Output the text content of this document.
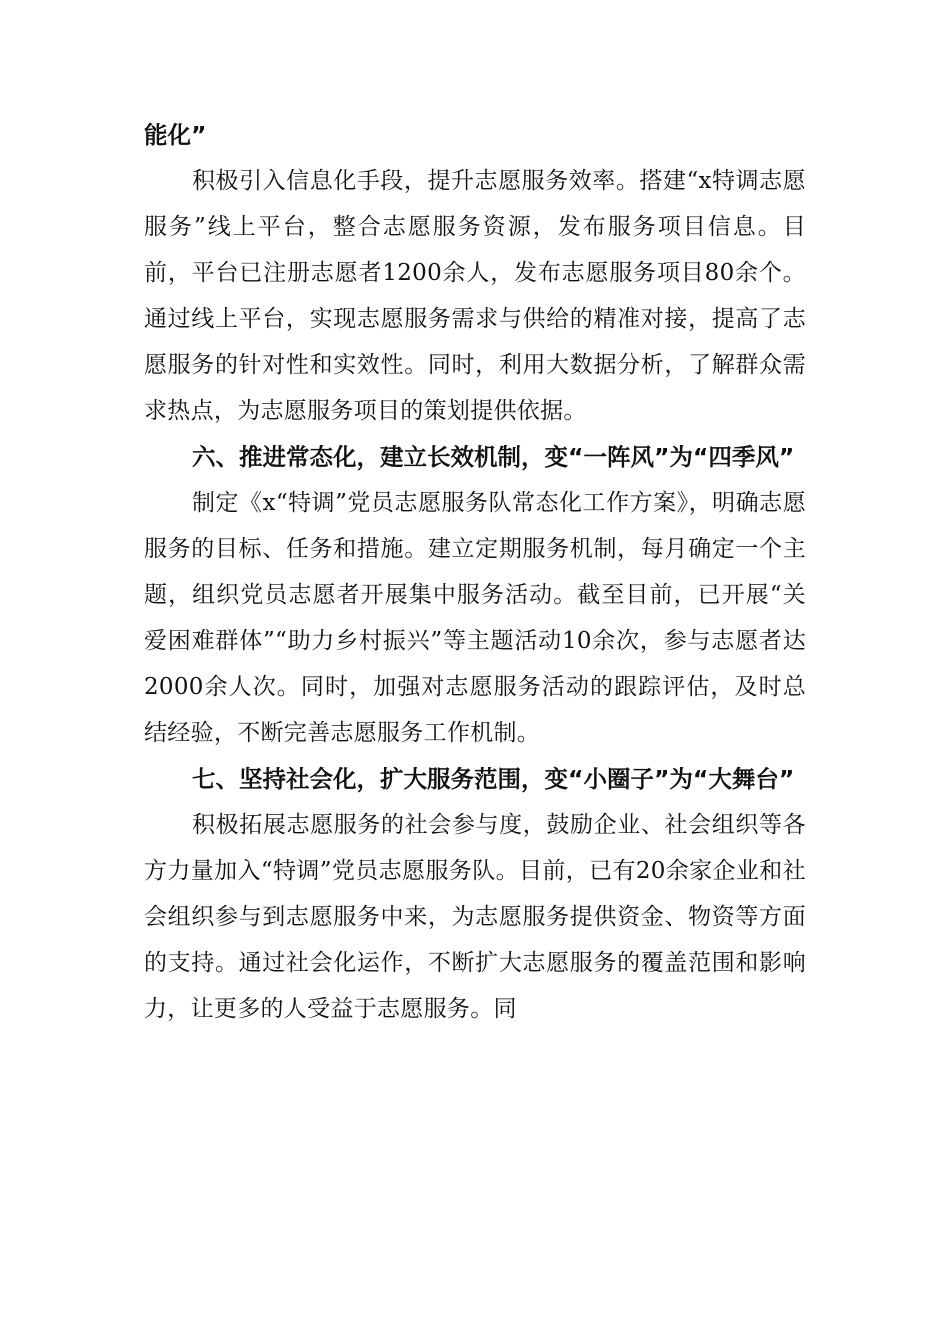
能化”

积极引入信息化手段，提升志愿服务效率。搭建“x特调志愿服务”线上平台，整合志愿服务资源，发布服务项目信息。目前，平台已注册志愿者1200余人，发布志愿服务项目80余个。通过线上平台，实现志愿服务需求与供给的精准对接，提高了志愿服务的针对性和实效性。同时，利用大数据分析，了解群众需求热点，为志愿服务项目的策划提供依据。

六、推进常态化，建立长效机制，变“一阵风”为“四季风”

制定《x“特调”党员志愿服务队常态化工作方案》，明确志愿服务的目标、任务和措施。建立定期服务机制，每月确定一个主题，组织党员志愿者开展集中服务活动。截至目前，已开展“关爱困难群体”“助力乡村振兴”等主题活动10余次，参与志愿者达2000余人次。同时，加强对志愿服务活动的跟踪评估，及时总结经验，不断完善志愿服务工作机制。

七、坚持社会化，扩大服务范围，变“小圈子”为“大舞台”

积极拓展志愿服务的社会参与度，鼓励企业、社会组织等各方力量加入“特调”党员志愿服务队。目前，已有20余家企业和社会组织参与到志愿服务中来，为志愿服务提供资金、物资等方面的支持。通过社会化运作，不断扩大志愿服务的覆盖范围和影响力，让更多的人受益于志愿服务。同
